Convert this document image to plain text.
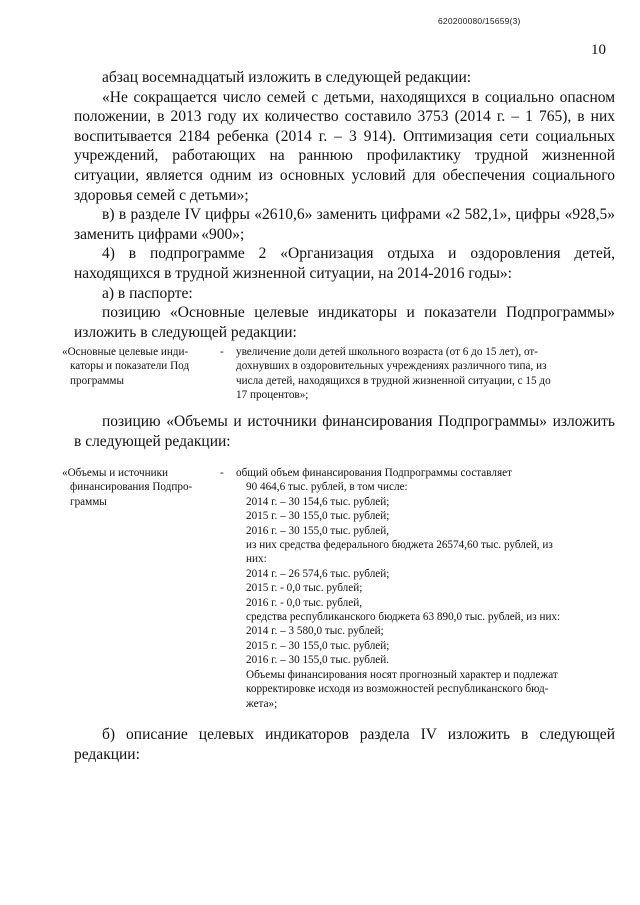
620200080/15659(3)
10

абзац восемнадцатый изложить в следующей редакции:

«Не сокращается число семей с детьми, находящихся в социально опасном положении, в 2013 году их количество составило 3753 (2014 г. – 1 765), в них воспитывается 2184 ребенка (2014 г. – 3 914). Оптимизация сети социальных учреждений, работающих на раннюю профилактику трудной жизненной ситуации, является одним из основных условий для обеспечения социального здоровья семей с детьми»;

в) в разделе IV цифры «2610,6» заменить цифрами «2 582,1», цифры «928,5» заменить цифрами «900»;

4) в подпрограмме 2 «Организация отдыха и оздоровления детей, находящихся в трудной жизненной ситуации, на 2014-2016 годы»:

а) в паспорте:

позицию «Основные целевые индикаторы и показатели Подпрограммы» изложить в следующей редакции:

«Основные целевые инди-
каторы и показатели Под
программы
-	увеличение доли детей школьного возраста (от 6 до 15 лет), от-
дохнувших в оздоровительных учреждениях различного типа, из
числа детей, находящихся в трудной жизненной ситуации, с 15 до
17 процентов»;

позицию «Объемы и источники финансирования Подпрограммы» изложить в следующей редакции:

«Объемы и источники
финансирования Подпро-
граммы
-	общий объем финансирования Подпрограммы составляет
90 464,6 тыс. рублей, в том числе:
2014 г. – 30 154,6 тыс. рублей;
2015 г. – 30 155,0 тыс. рублей;
2016 г. – 30 155,0 тыс. рублей,
из них средства федерального бюджета 26574,60 тыс. рублей, из
них:
2014 г. – 26 574,6 тыс. рублей;
2015 г. - 0,0 тыс. рублей;
2016 г. - 0,0 тыс. рублей,
средства республиканского бюджета 63 890,0 тыс. рублей, из них:
2014 г. – 3 580,0 тыс. рублей;
2015 г. – 30 155,0 тыс. рублей;
2016 г. – 30 155,0 тыс. рублей.
Объемы финансирования носят прогнозный характер и подлежат
корректировке исходя из возможностей республиканского бюд-
жета»;

б) описание целевых индикаторов раздела IV изложить в следующей редакции:
